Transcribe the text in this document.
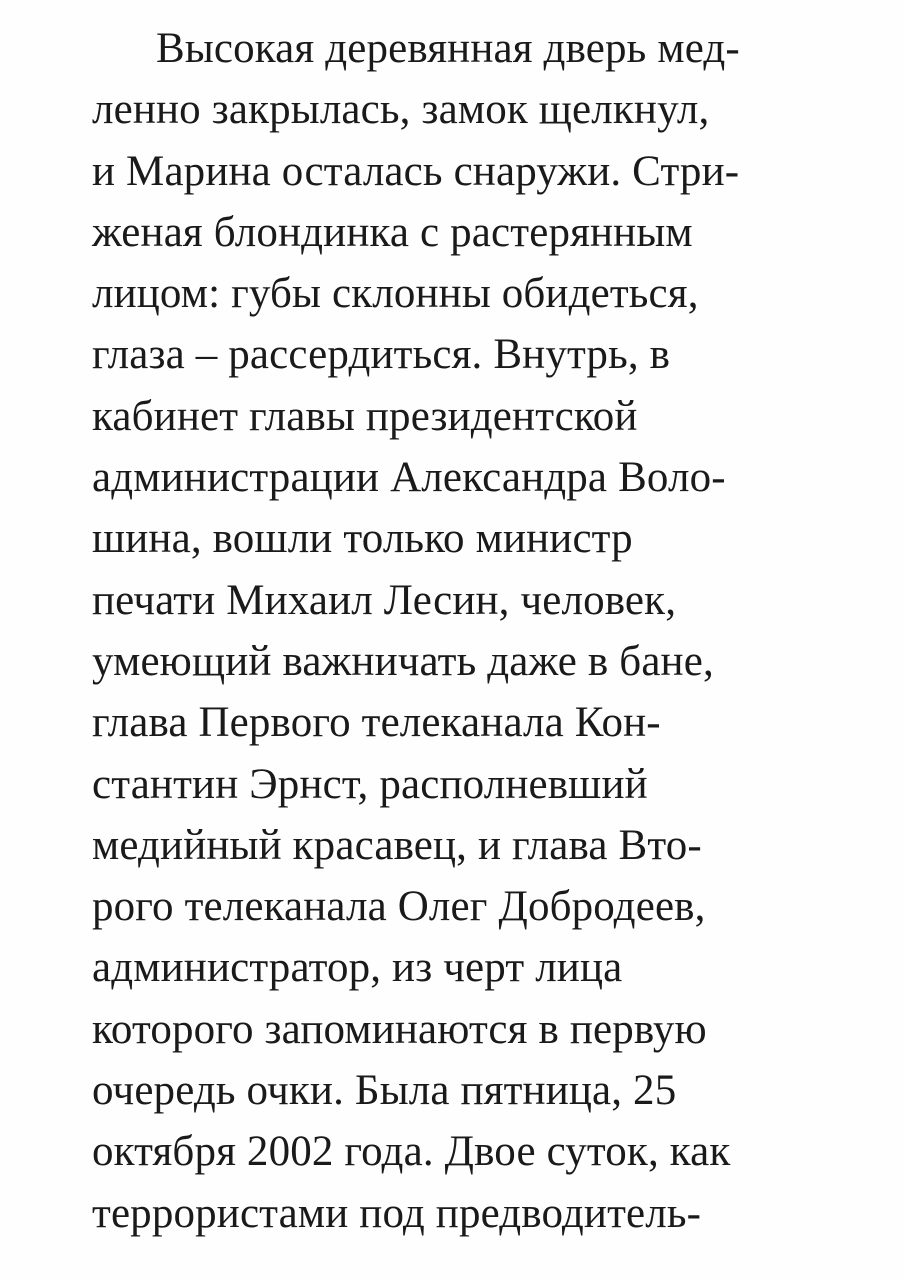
Высокая деревянная дверь мед-
ленно закрылась, замок щелкнул,
и Марина осталась снаружи. Стри-
женая блондинка с растерянным
лицом: губы склонны обидеться,
глаза – рассердиться. Внутрь, в
кабинет главы президентской
администрации Александра Воло-
шина, вошли только министр
печати Михаил Лесин, человек,
умеющий важничать даже в бане,
глава Первого телеканала Кон-
стантин Эрнст, располневший
медийный красавец, и глава Вто-
рого телеканала Олег Добродеев,
администратор, из черт лица
которого запоминаются в первую
очередь очки. Была пятница, 25
октября 2002 года. Двое суток, как
террористами под предводитель-
